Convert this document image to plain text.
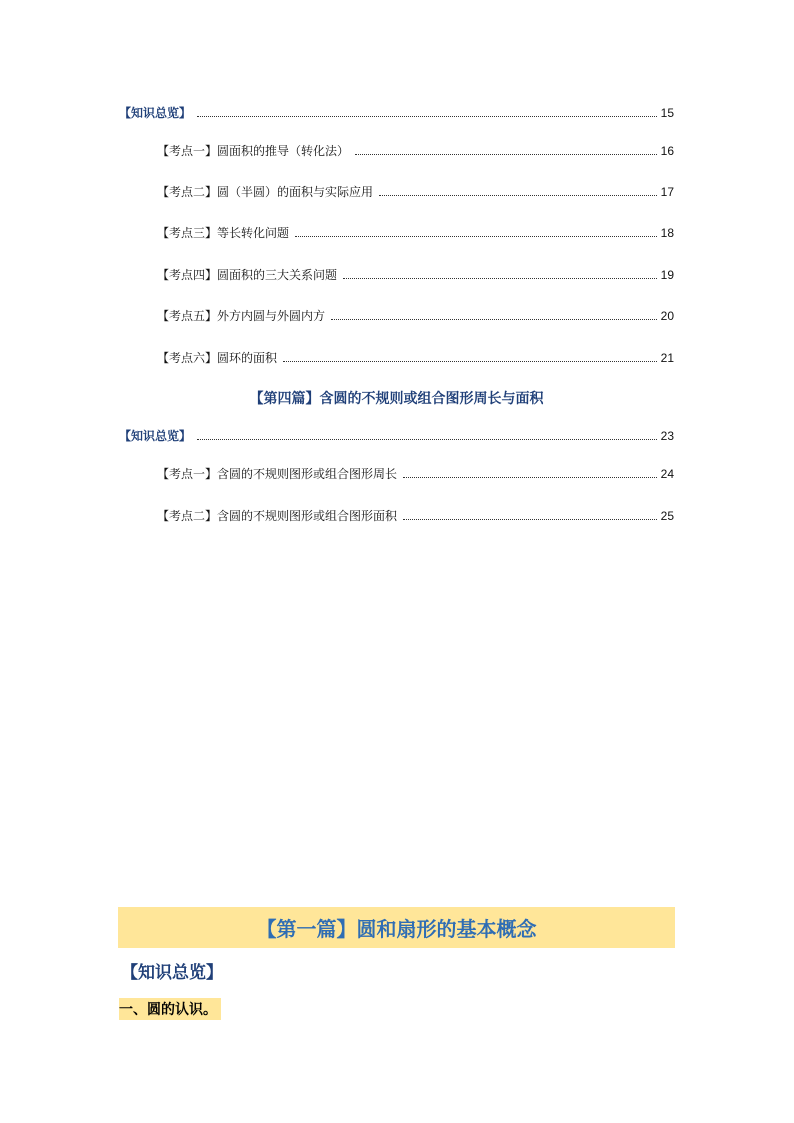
【知识总览】	15
【考点一】 圆面积的推导（转化法）	16
【考点二】 圆（半圆）的面积与实际应用	17
【考点三】 等长转化问题	18
【考点四】 圆面积的三大关系问题	19
【考点五】 外方内圆与外圆内方	20
【考点六】 圆环的面积	21
【第四篇】含圆的不规则或组合图形周长与面积
【知识总览】	23
【考点一】 含圆的不规则图形或组合图形周长	24
【考点二】 含圆的不规则图形或组合图形面积	25
【第一篇】圆和扇形的基本概念
【知识总览】
一、圆的认识。
